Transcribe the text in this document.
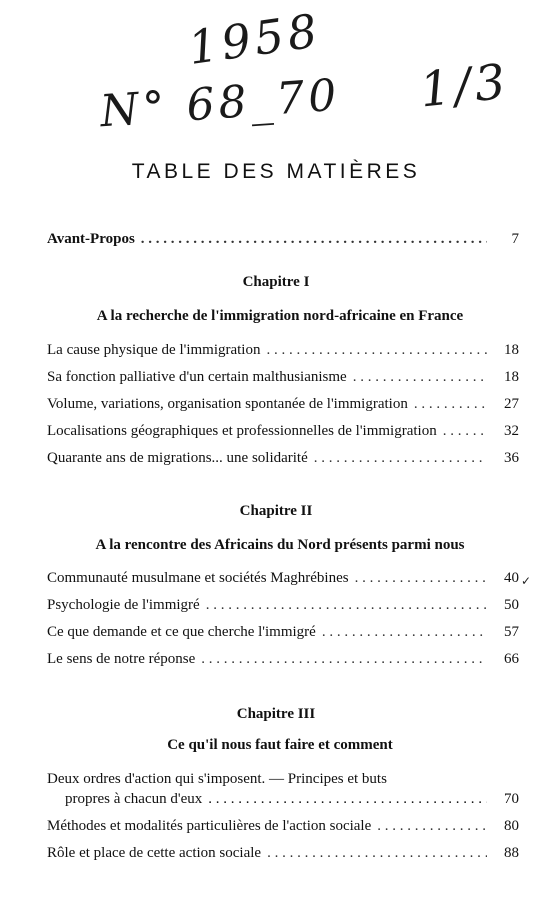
1958
N° 68_70 1/3
TABLE DES MATIÈRES
Avant-Propos . . .	7
Chapitre I
A la recherche de l'immigration nord-africaine en France
La cause physique de l'immigration . . .	18
Sa fonction palliative d'un certain malthusianisme . . .	18
Volume, variations, organisation spontanée de l'immigration . . .	27
Localisations géographiques et professionnelles de l'immigration . . .	32
Quarante ans de migrations... une solidarité . . .	36
Chapitre II
A la rencontre des Africains du Nord présents parmi nous
Communauté musulmane et sociétés Maghrébines . . .	40 ✓
Psychologie de l'immigré . . .	50
Ce que demande et ce que cherche l'immigré . . .	57
Le sens de notre réponse . . .	66
Chapitre III
Ce qu'il nous faut faire et comment
Deux ordres d'action qui s'imposent. — Principes et buts
propres à chacun d'eux . . .	70
Méthodes et modalités particulières de l'action sociale . . .	80
Rôle et place de cette action sociale . . .	88
